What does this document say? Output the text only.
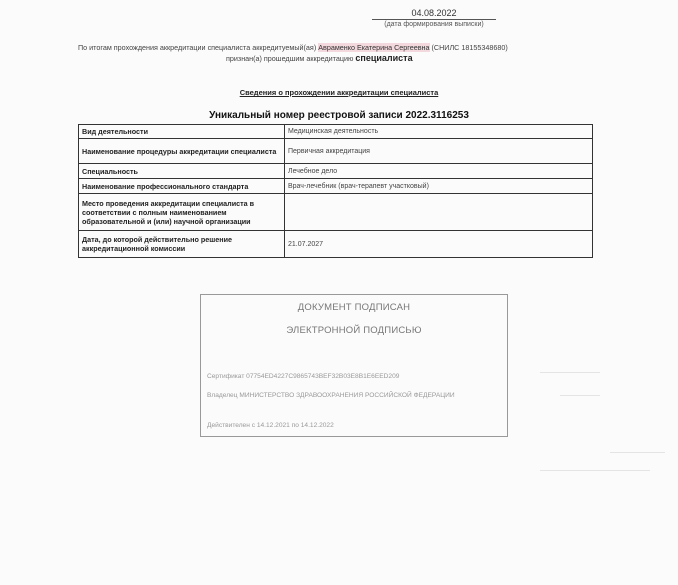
04.08.2022
(дата формирования выписки)
По итогам прохождения аккредитации специалиста аккредитуемый(ая) Авраменко Екатерина Сергеевна (СНИЛС 18155348680)
признан(а) прошедшим аккредитацию специалиста
Сведения о прохождении аккредитации специалиста
Уникальный номер реестровой записи 2022.3116253
Вид деятельности	Медицинская деятельность
Наименование процедуры аккредитации специалиста	Первичная аккредитация
Специальность	Лечебное дело
Наименование профессионального стандарта	Врач-лечебник (врач-терапевт участковый)
Место проведения аккредитации специалиста в соответствии с полным наименованием образовательной и (или) научной организации	
Дата, до которой действительно решение аккредитационной комиссии	21.07.2027
ДОКУМЕНТ ПОДПИСАН
ЭЛЕКТРОННОЙ ПОДПИСЬЮ
Сертификат 07754ED4227C9865743BEF32B03E8B1E6EED209
Владелец МИНИСТЕРСТВО ЗДРАВООХРАНЕНИЯ РОССИЙСКОЙ ФЕДЕРАЦИИ
Действителен с 14.12.2021 по 14.12.2022
